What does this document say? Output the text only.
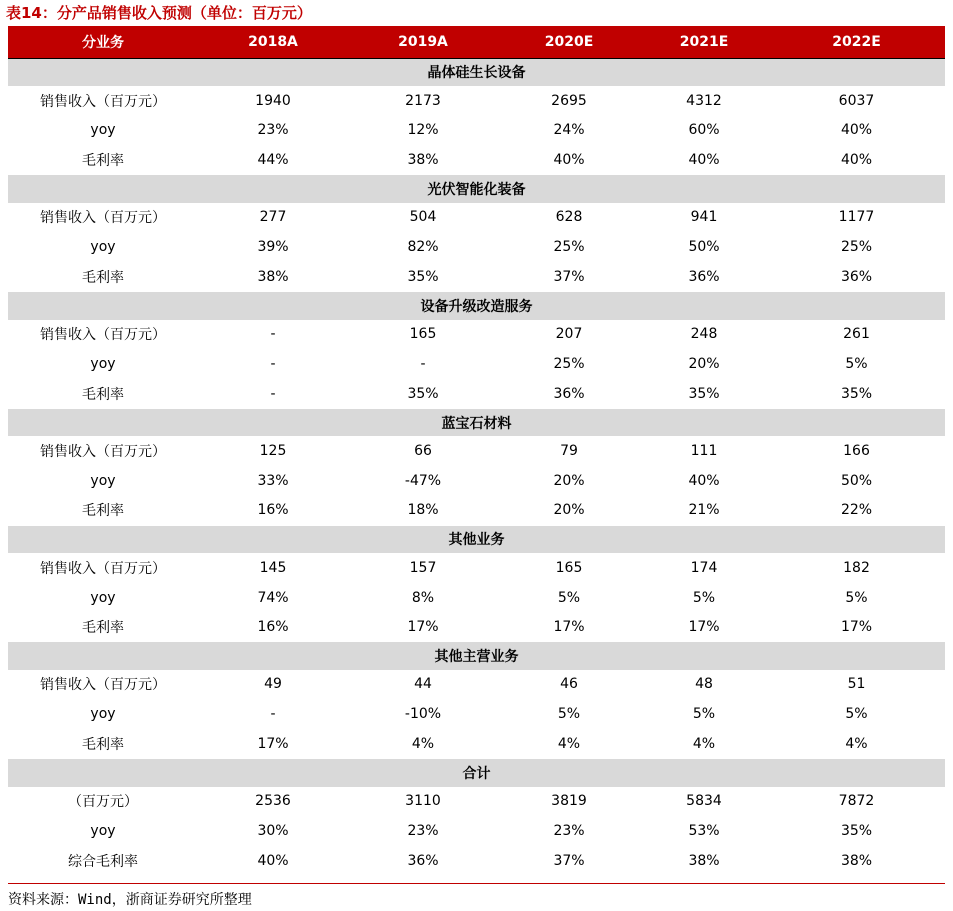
表14：分产品销售收入预测（单位：百万元）
分业务	2018A	2019A	2020E	2021E	2022E
晶体硅生长设备					
销售收入（百万元）	1940	2173	2695	4312	6037
yoy	23%	12%	24%	60%	40%
毛利率	44%	38%	40%	40%	40%
光伏智能化装备					
销售收入（百万元）	277	504	628	941	1177
yoy	39%	82%	25%	50%	25%
毛利率	38%	35%	37%	36%	36%
设备升级改造服务					
销售收入（百万元）	-	165	207	248	261
yoy	-	-	25%	20%	5%
毛利率	-	35%	36%	35%	35%
蓝宝石材料					
销售收入（百万元）	125	66	79	111	166
yoy	33%	-47%	20%	40%	50%
毛利率	16%	18%	20%	21%	22%
其他业务					
销售收入（百万元）	145	157	165	174	182
yoy	74%	8%	5%	5%	5%
毛利率	16%	17%	17%	17%	17%
其他主营业务					
销售收入（百万元）	49	44	46	48	51
yoy	-	-10%	5%	5%	5%
毛利率	17%	4%	4%	4%	4%
合计					
（百万元）	2536	3110	3819	5834	7872
yoy	30%	23%	23%	53%	35%
综合毛利率	40%	36%	37%	38%	38%
资料来源：Wind，浙商证券研究所整理
